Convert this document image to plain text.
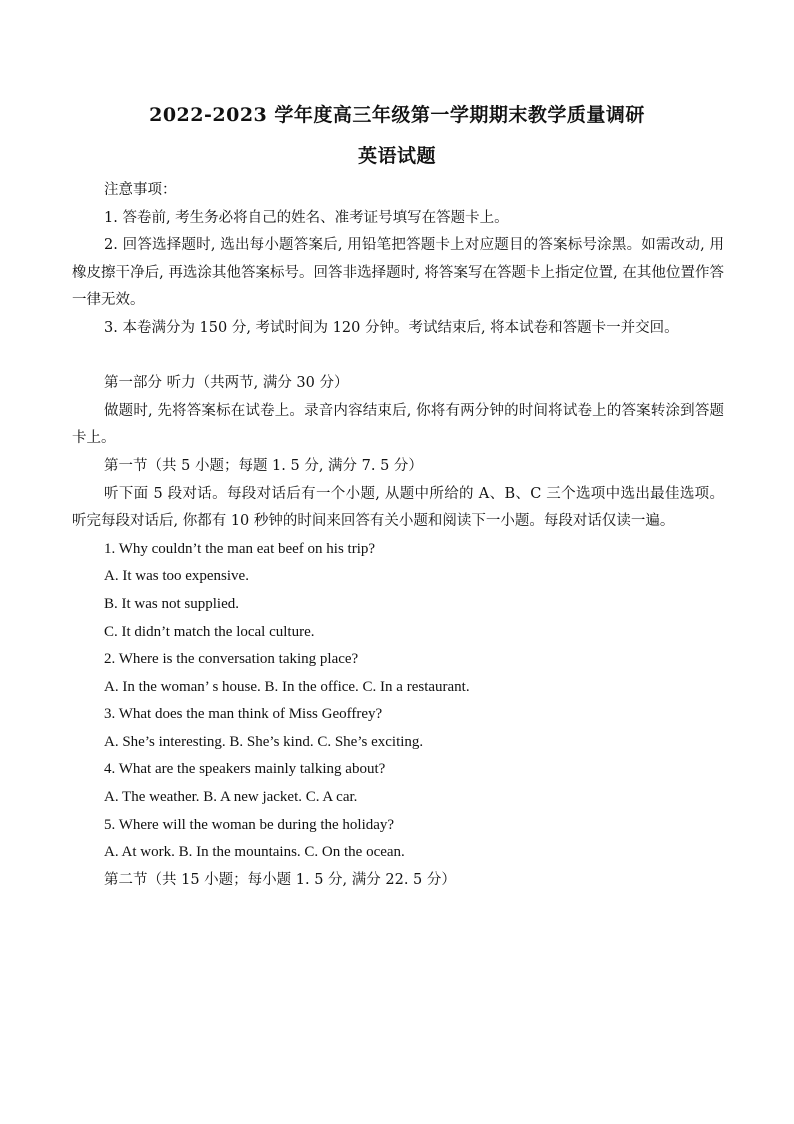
2022-2023 学年度高三年级第一学期期末教学质量调研
英语试题
注意事项：
1. 答卷前, 考生务必将自己的姓名、准考证号填写在答题卡上。
2. 回答选择题时, 选出每小题答案后, 用铅笔把答题卡上对应题目的答案标号涂黑。如需改动, 用橡皮擦干净后, 再选涂其他答案标号。回答非选择题时, 将答案写在答题卡上指定位置, 在其他位置作答一律无效。
3. 本卷满分为 150 分, 考试时间为 120 分钟。考试结束后, 将本试卷和答题卡一并交回。
第一部分 听力（共两节, 满分 30 分）
做题时, 先将答案标在试卷上。录音内容结束后, 你将有两分钟的时间将试卷上的答案转涂到答题卡上。
第一节（共 5 小题；每题 1. 5 分, 满分 7. 5 分）
听下面 5 段对话。每段对话后有一个小题, 从题中所给的 A、B、C 三个选项中选出最佳选项。听完每段对话后, 你都有 10 秒钟的时间来回答有关小题和阅读下一小题。每段对话仅读一遍。
1. Why couldn’t the man eat beef on his trip?
A. It was too expensive.
B. It was not supplied.
C. It didn’t match the local culture.
2. Where is the conversation taking place?
A. In the woman’ s house. B. In the office. C. In a restaurant.
3. What does the man think of Miss Geoffrey?
A. She’s interesting. B. She’s kind. C. She’s exciting.
4. What are the speakers mainly talking about?
A. The weather. B. A new jacket. C. A car.
5. Where will the woman be during the holiday?
A. At work. B. In the mountains. C. On the ocean.
第二节（共 15 小题；每小题 1. 5 分, 满分 22. 5 分）
